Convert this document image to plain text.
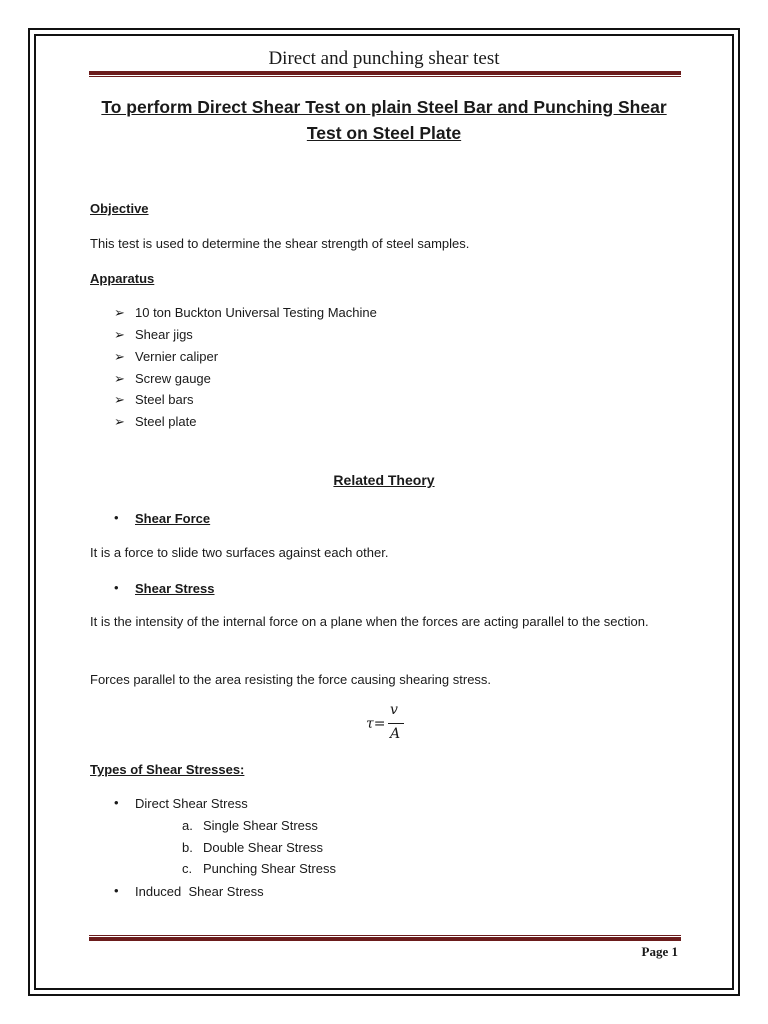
Direct and punching shear test
To perform Direct Shear Test on plain Steel Bar and Punching Shear
Test on Steel Plate
Objective
This test is used to determine the shear strength of steel samples.
Apparatus
➢ 10 ton Buckton Universal Testing Machine
➢ Shear jigs
➢ Vernier caliper
➢ Screw gauge
➢ Steel bars
➢ Steel plate
Related Theory
• Shear Force
It is a force to slide two surfaces against each other.
• Shear Stress
It is the intensity of the internal force on a plane when the forces are acting parallel to the section.
Forces parallel to the area resisting the force causing shearing stress.
τ=
v
A
Types of Shear Stresses:
• Direct Shear Stress
a. Single Shear Stress
b. Double Shear Stress
c. Punching Shear Stress
• Induced  Shear Stress
Page 1
